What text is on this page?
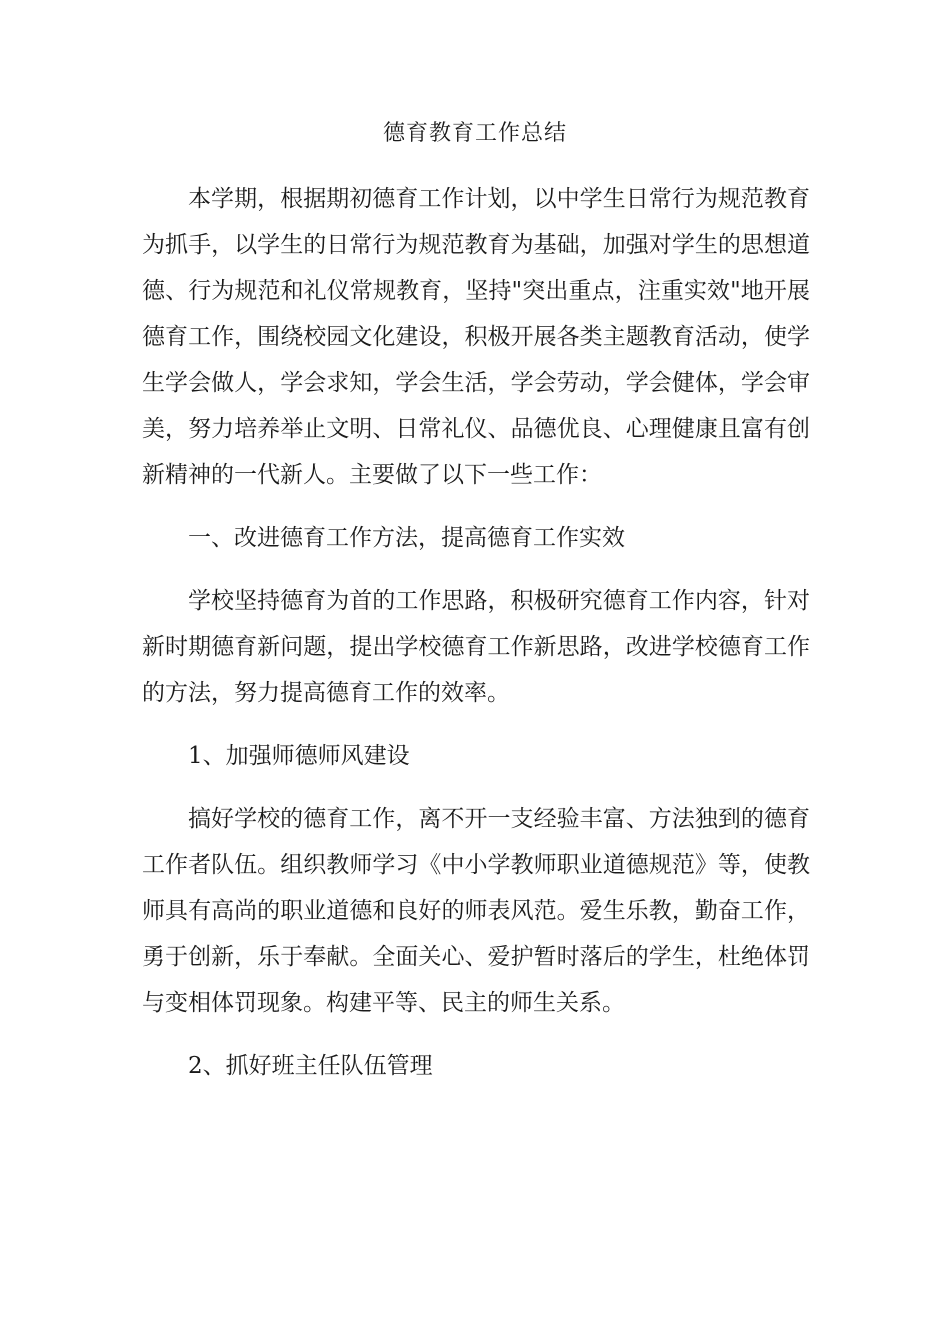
德育教育工作总结

本学期，根据期初德育工作计划，以中学生日常行为规范教育为抓手，以学生的日常行为规范教育为基础，加强对学生的思想道德、行为规范和礼仪常规教育，坚持"突出重点，注重实效"地开展德育工作，围绕校园文化建设，积极开展各类主题教育活动，使学生学会做人，学会求知，学会生活，学会劳动，学会健体，学会审美，努力培养举止文明、日常礼仪、品德优良、心理健康且富有创新精神的一代新人。主要做了以下一些工作：

一、改进德育工作方法，提高德育工作实效

学校坚持德育为首的工作思路，积极研究德育工作内容，针对新时期德育新问题，提出学校德育工作新思路，改进学校德育工作的方法，努力提高德育工作的效率。

1、加强师德师风建设

搞好学校的德育工作，离不开一支经验丰富、方法独到的德育工作者队伍。组织教师学习《中小学教师职业道德规范》等，使教师具有高尚的职业道德和良好的师表风范。爱生乐教，勤奋工作，勇于创新，乐于奉献。全面关心、爱护暂时落后的学生，杜绝体罚与变相体罚现象。构建平等、民主的师生关系。

2、抓好班主任队伍管理
